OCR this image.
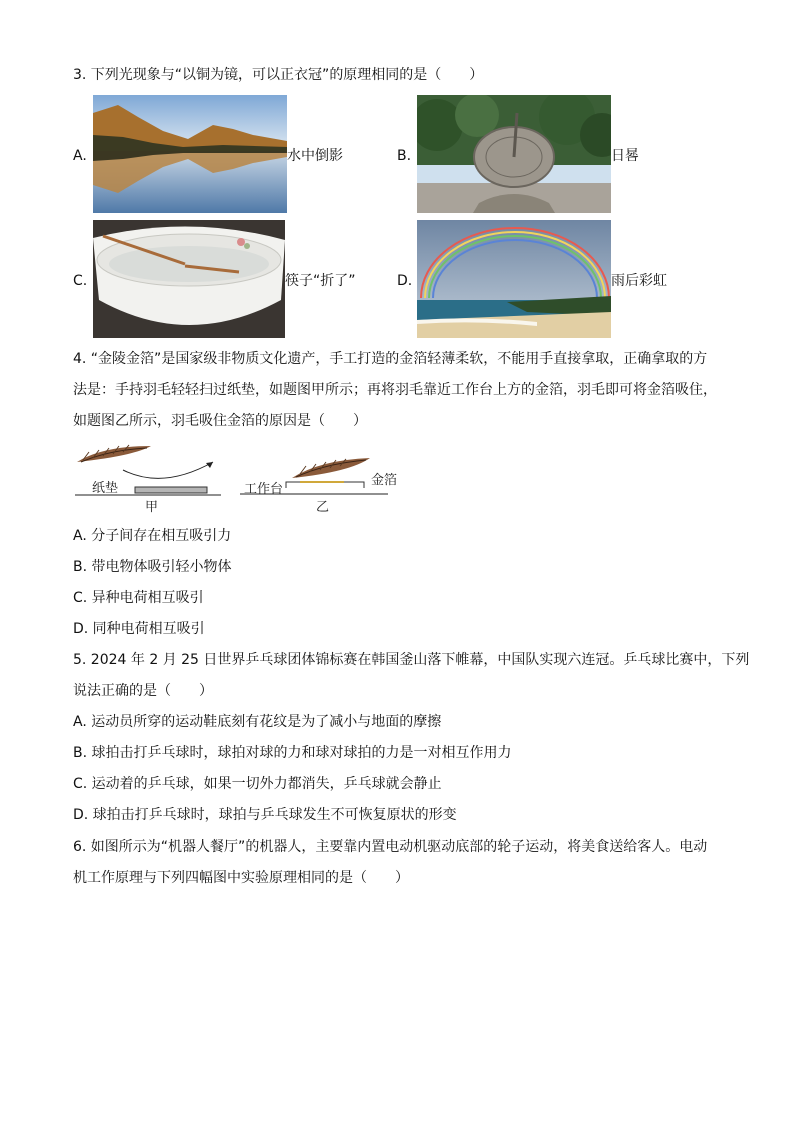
3. 下列光现象与“以铜为镜，可以正衣冠”的原理相同的是（　　）
A.	水中倒影	B.	日晷
C.	筷子“折了”	D.	雨后彩虹
4. “金陵金箔”是国家级非物质文化遗产，手工打造的金箔轻薄柔软，不能用手直接拿取，正确拿取的方
法是：手持羽毛轻轻扫过纸垫，如题图甲所示；再将羽毛靠近工作台上方的金箔，羽毛即可将金箔吸住，
如题图乙所示，羽毛吸住金箔的原因是（　　）
纸垫
甲
工作台
金箔
乙
A. 分子间存在相互吸引力
B. 带电物体吸引轻小物体
C. 异种电荷相互吸引
D. 同种电荷相互吸引
5. 2024 年 2 月 25 日世界乒乓球团体锦标赛在韩国釜山落下帷幕，中国队实现六连冠。乒乓球比赛中，下列
说法正确的是（　　）
A. 运动员所穿的运动鞋底刻有花纹是为了减小与地面的摩擦
B. 球拍击打乒乓球时，球拍对球的力和球对球拍的力是一对相互作用力
C. 运动着的乒乓球，如果一切外力都消失，乒乓球就会静止
D. 球拍击打乒乓球时，球拍与乒乓球发生不可恢复原状的形变
6. 如图所示为“机器人餐厅”的机器人，主要靠内置电动机驱动底部的轮子运动，将美食送给客人。电动
机工作原理与下列四幅图中实验原理相同的是（　　）
